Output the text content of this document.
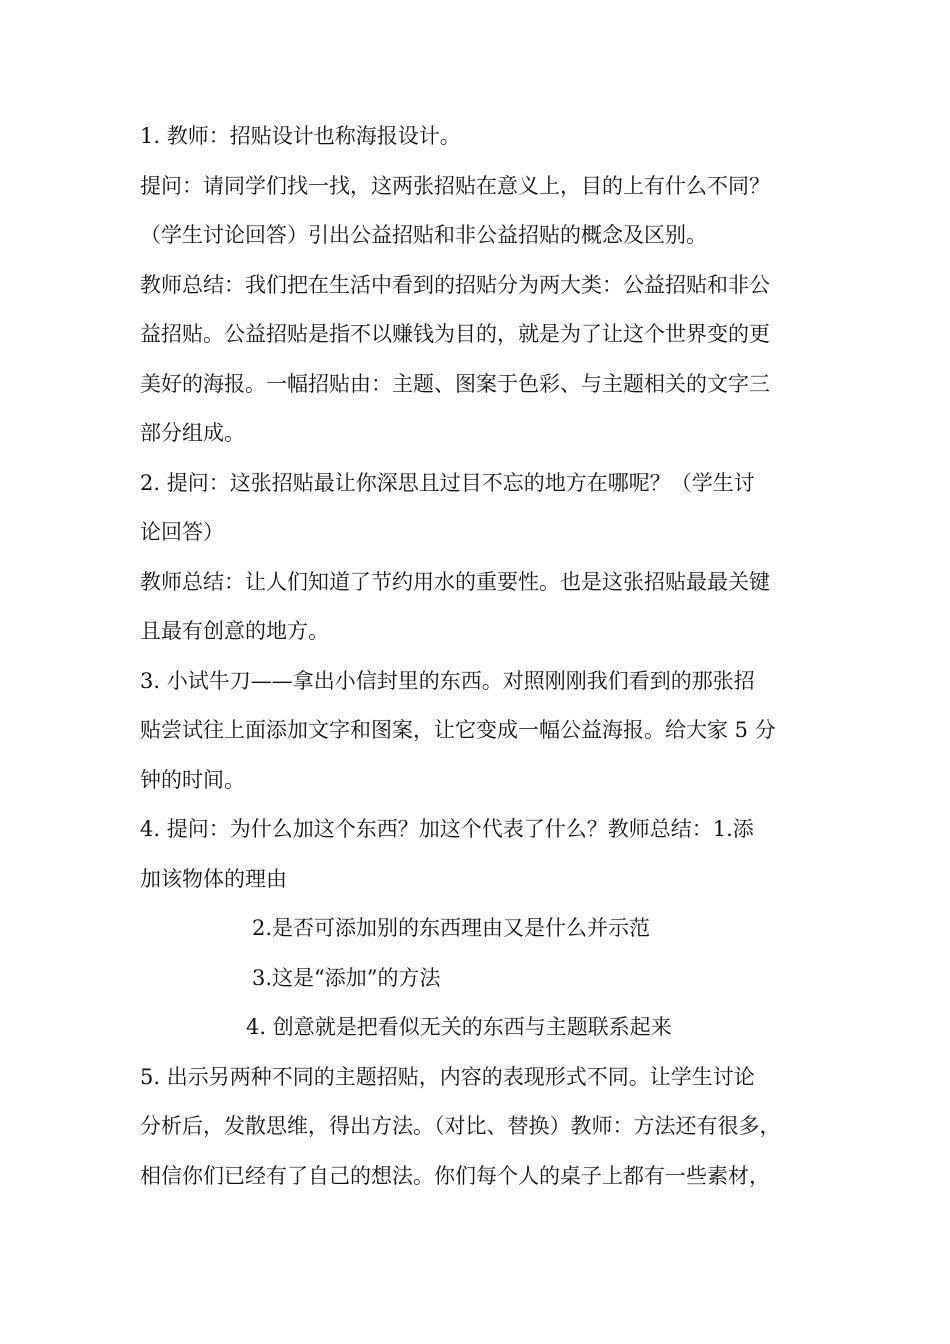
1. 教师：招贴设计也称海报设计。
提问：请同学们找一找，这两张招贴在意义上，目的上有什么不同？
（学生讨论回答）引出公益招贴和非公益招贴的概念及区别。
教师总结：我们把在生活中看到的招贴分为两大类：公益招贴和非公
益招贴。公益招贴是指不以赚钱为目的，就是为了让这个世界变的更
美好的海报。一幅招贴由：主题、图案于色彩、与主题相关的文字三
部分组成。
2. 提问：这张招贴最让你深思且过目不忘的地方在哪呢？（学生讨
论回答）
教师总结：让人们知道了节约用水的重要性。也是这张招贴最最关键
且最有创意的地方。
3. 小试牛刀——拿出小信封里的东西。对照刚刚我们看到的那张招
贴尝试往上面添加文字和图案，让它变成一幅公益海报。给大家 5 分
钟的时间。
4. 提问：为什么加这个东西？加这个代表了什么？教师总结：1.添
加该物体的理由
2.是否可添加别的东西理由又是什么并示范
3.这是“添加”的方法
4. 创意就是把看似无关的东西与主题联系起来
5. 出示另两种不同的主题招贴，内容的表现形式不同。让学生讨论
分析后，发散思维，得出方法。（对比、替换）教师：方法还有很多，
相信你们已经有了自己的想法。你们每个人的桌子上都有一些素材，
